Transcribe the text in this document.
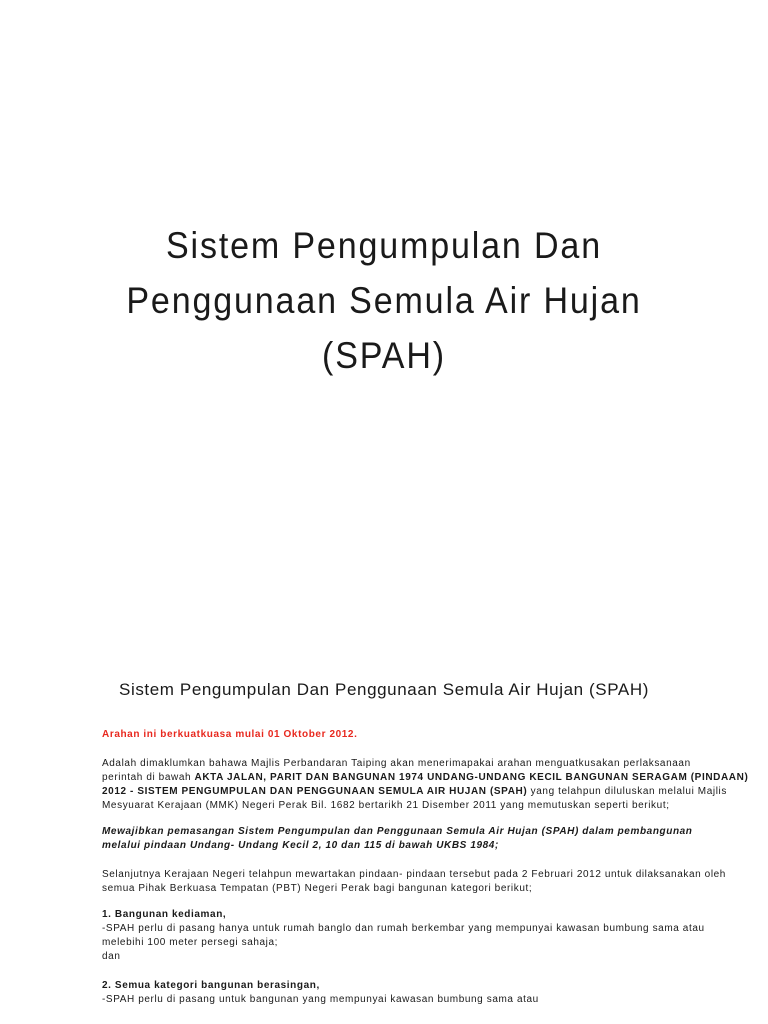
Sistem Pengumpulan Dan
Penggunaan Semula Air Hujan
(SPAH)
Sistem Pengumpulan Dan Penggunaan Semula Air Hujan (SPAH)
Arahan ini berkuatkuasa mulai 01 Oktober 2012.
Adalah dimaklumkan bahawa Majlis Perbandaran Taiping akan menerimapakai arahan menguatkusakan perlaksanaan
perintah di bawah AKTA JALAN, PARIT DAN BANGUNAN 1974 UNDANG-UNDANG KECIL BANGUNAN SERAGAM (PINDAAN)
2012 - SISTEM PENGUMPULAN DAN PENGGUNAAN SEMULA AIR HUJAN (SPAH) yang telahpun diluluskan melalui Majlis
Mesyuarat Kerajaan (MMK) Negeri Perak Bil. 1682 bertarikh 21 Disember 2011 yang memutuskan seperti berikut;
Mewajibkan pemasangan Sistem Pengumpulan dan Penggunaan Semula Air Hujan (SPAH) dalam pembangunan
melalui pindaan Undang- Undang Kecil 2, 10 dan 115 di bawah UKBS 1984;
Selanjutnya Kerajaan Negeri telahpun mewartakan pindaan- pindaan tersebut pada 2 Februari 2012 untuk dilaksanakan oleh
semua Pihak Berkuasa Tempatan (PBT) Negeri Perak bagi bangunan kategori berikut;
1. Bangunan kediaman,
-SPAH perlu di pasang hanya untuk rumah banglo dan rumah berkembar yang mempunyai kawasan bumbung sama atau
melebihi 100 meter persegi sahaja;
dan
2. Semua kategori bangunan berasingan,
-SPAH perlu di pasang untuk bangunan yang mempunyai kawasan bumbung sama atau
